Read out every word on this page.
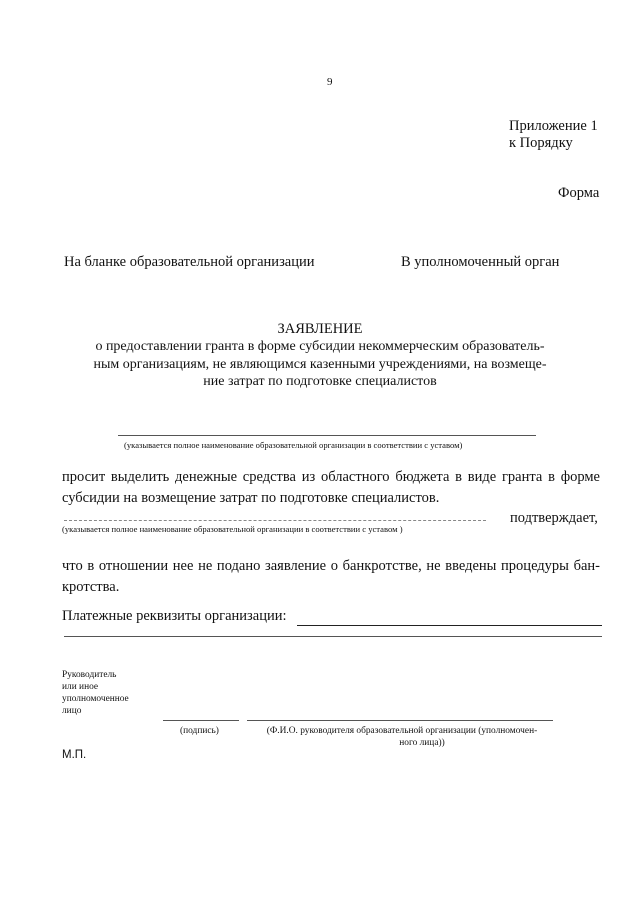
9
Приложение 1
к Порядку
Форма
На бланке образовательной организации	В уполномоченный орган
ЗАЯВЛЕНИЕ
о предоставлении гранта в форме субсидии некоммерческим образователь-
ным организациям, не являющимся казенными учреждениями, на возмеще-
ние затрат по подготовке специалистов
(указывается полное наименование образовательной организации в соответствии с уставом)
просит выделить денежные средства из областного бюджета в виде гранта в форме
субсидии на возмещение затрат по подготовке специалистов.
(указывается полное наименование образовательной организации в соответствии с уставом )
подтверждает,
что в отношении нее не подано заявление о банкротстве, не введены процедуры бан-
кротства.
Платежные реквизиты организации:
Руководитель
или иное
уполномоченное
лицо
(подпись)	(Ф.И.О. руководителя образовательной организации (уполномочен-
ного лица))
М.П.
